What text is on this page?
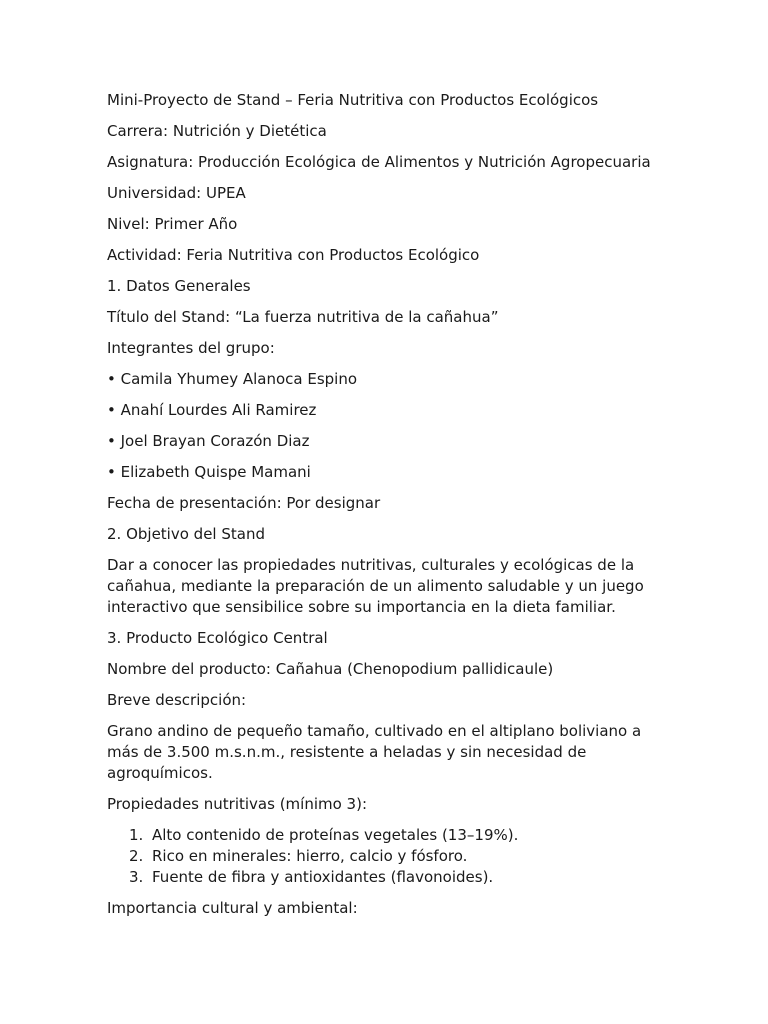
Mini-Proyecto de Stand – Feria Nutritiva con Productos Ecológicos

Carrera: Nutrición y Dietética

Asignatura: Producción Ecológica de Alimentos y Nutrición Agropecuaria

Universidad: UPEA

Nivel: Primer Año

Actividad: Feria Nutritiva con Productos Ecológico

1. Datos Generales

Título del Stand: “La fuerza nutritiva de la cañahua”

Integrantes del grupo:

• Camila Yhumey Alanoca Espino

• Anahí Lourdes Ali Ramirez

• Joel Brayan Corazón Diaz

• Elizabeth Quispe Mamani

Fecha de presentación: Por designar

2. Objetivo del Stand

Dar a conocer las propiedades nutritivas, culturales y ecológicas de la cañahua, mediante la preparación de un alimento saludable y un juego interactivo que sensibilice sobre su importancia en la dieta familiar.

3. Producto Ecológico Central

Nombre del producto: Cañahua (Chenopodium pallidicaule)

Breve descripción:

Grano andino de pequeño tamaño, cultivado en el altiplano boliviano a más de 3.500 m.s.n.m., resistente a heladas y sin necesidad de agroquímicos.

Propiedades nutritivas (mínimo 3):

1. Alto contenido de proteínas vegetales (13–19%).
2. Rico en minerales: hierro, calcio y fósforo.
3. Fuente de fibra y antioxidantes (flavonoides).

Importancia cultural y ambiental:
